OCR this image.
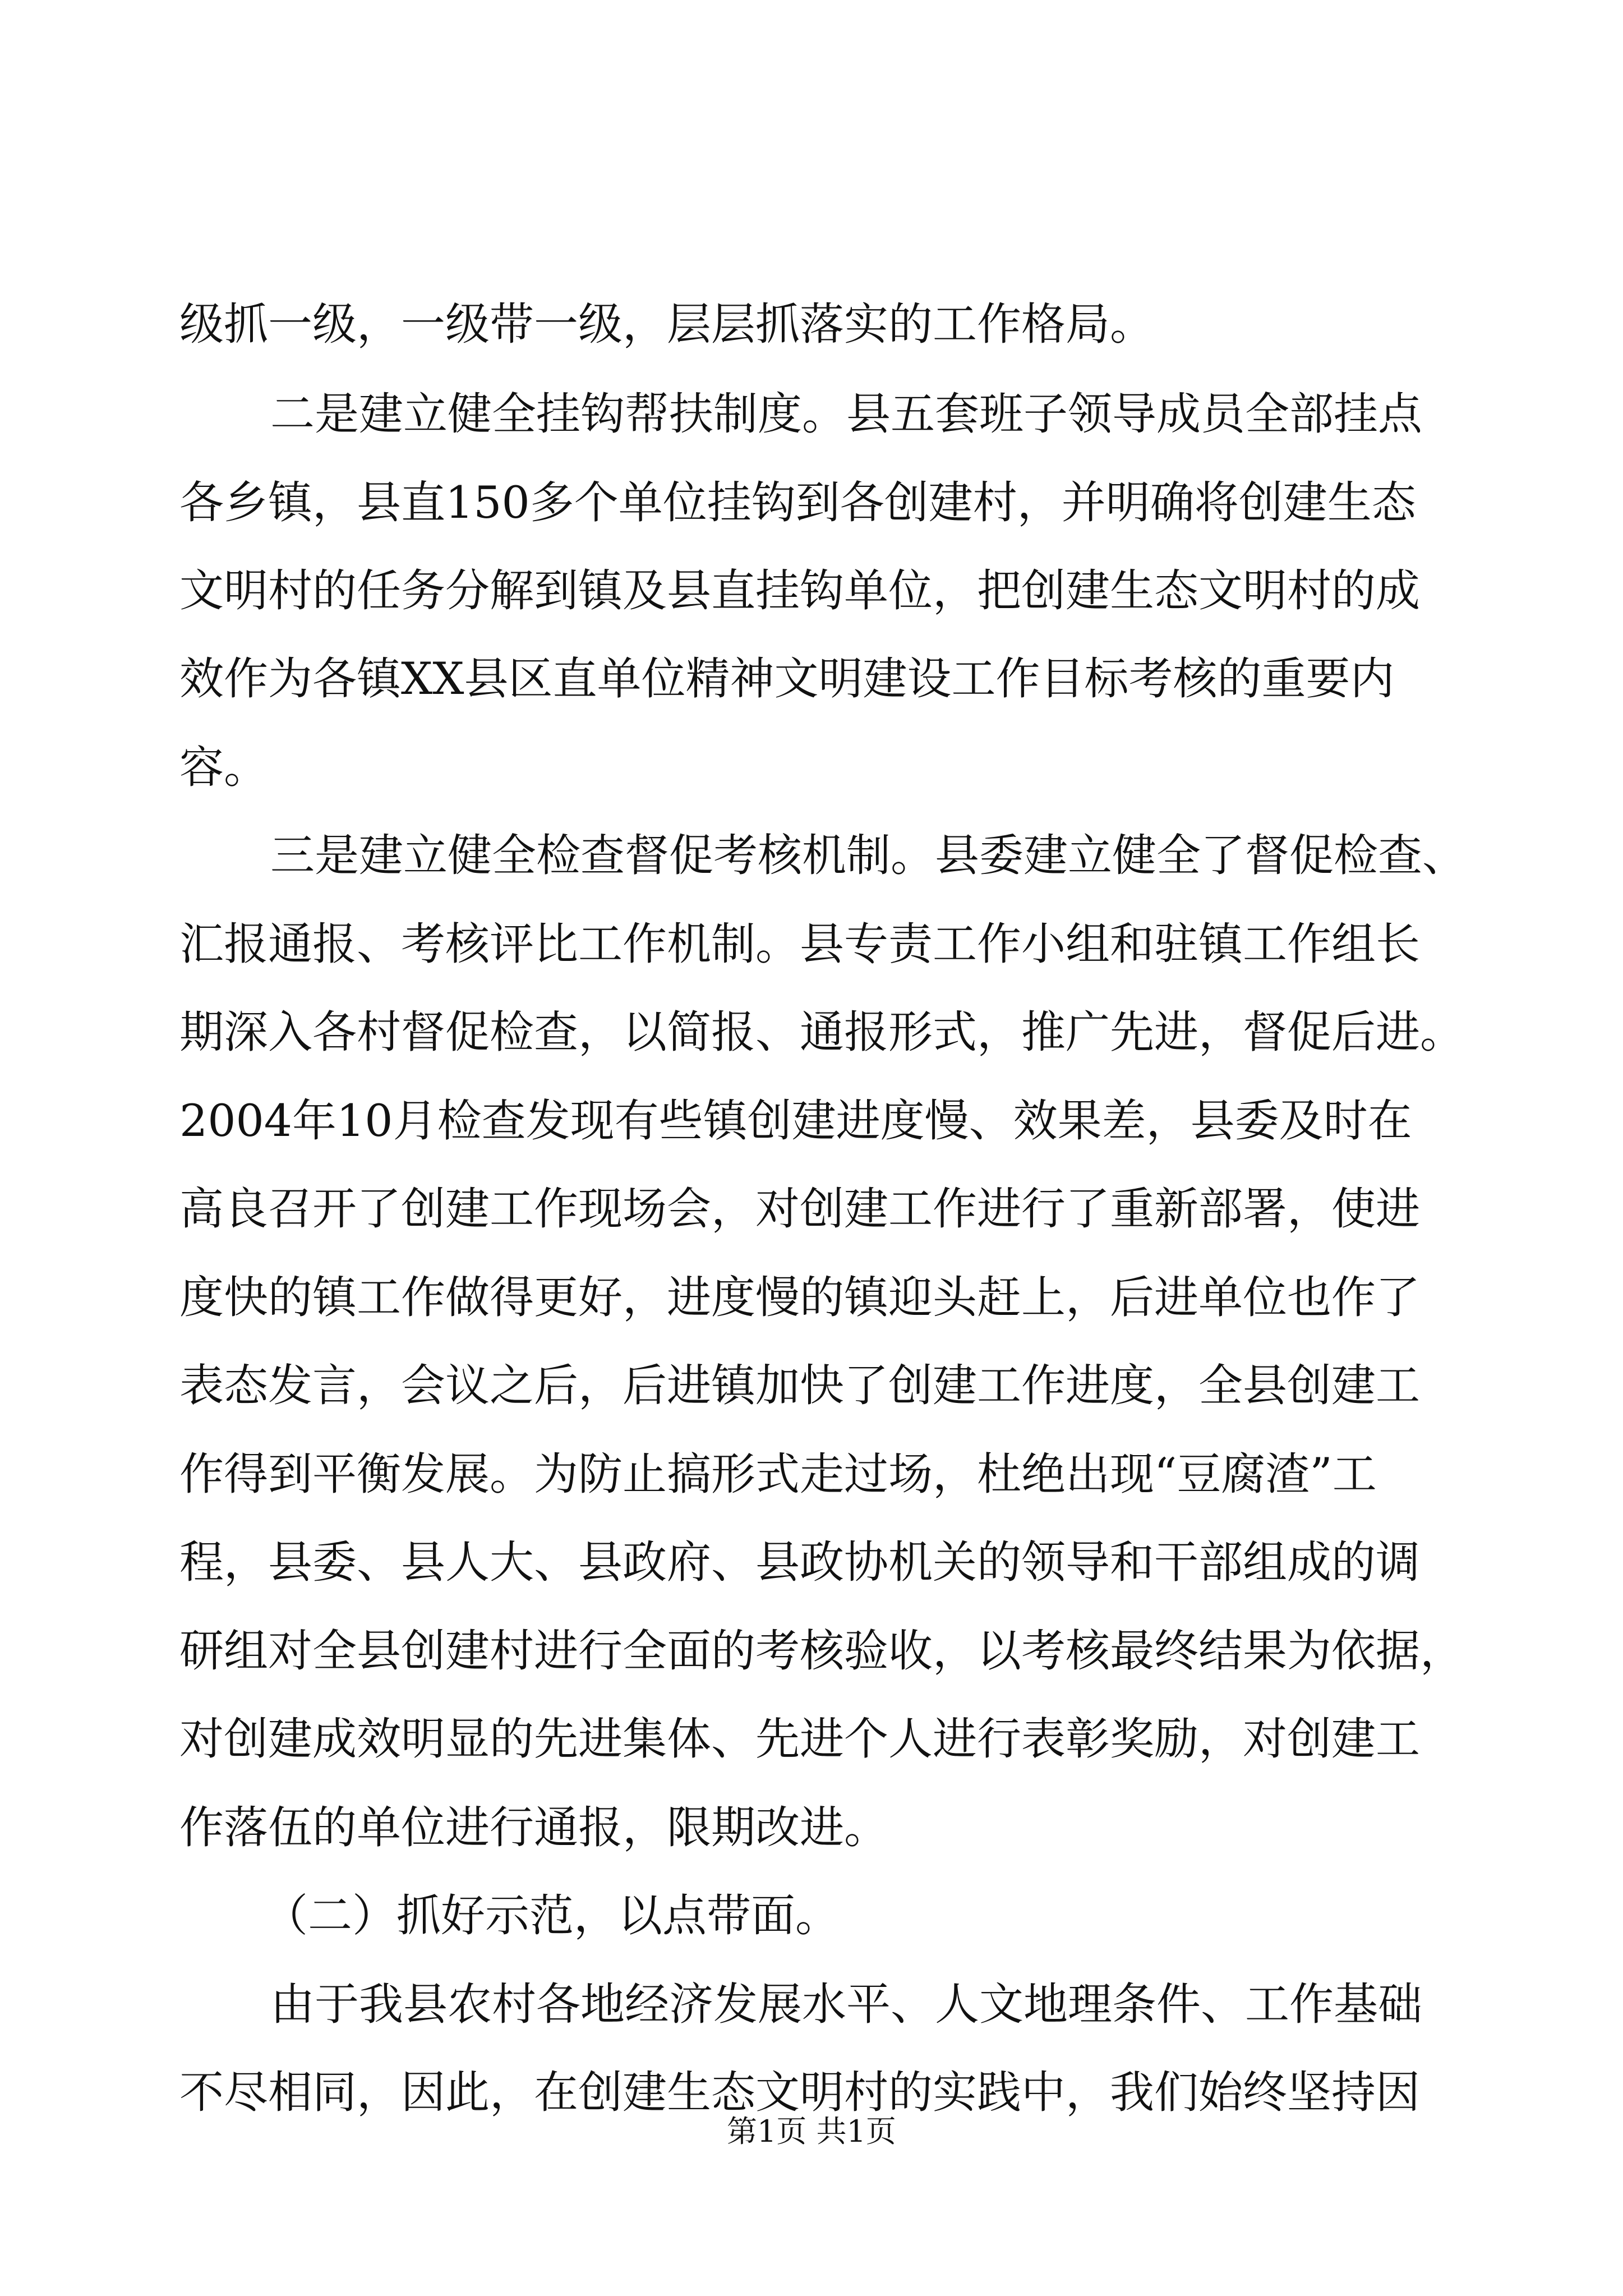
级抓一级，一级带一级，层层抓落实的工作格局。
二是建立健全挂钩帮扶制度。县五套班子领导成员全部挂点
各乡镇，县直150多个单位挂钩到各创建村，并明确将创建生态
文明村的任务分解到镇及县直挂钩单位，把创建生态文明村的成
效作为各镇XX县区直单位精神文明建设工作目标考核的重要内
容。
三是建立健全检查督促考核机制。县委建立健全了督促检查、
汇报通报、考核评比工作机制。县专责工作小组和驻镇工作组长
期深入各村督促检查，以简报、通报形式，推广先进，督促后进。
2004年10月检查发现有些镇创建进度慢、效果差，县委及时在
高良召开了创建工作现场会，对创建工作进行了重新部署，使进
度快的镇工作做得更好，进度慢的镇迎头赶上，后进单位也作了
表态发言，会议之后，后进镇加快了创建工作进度，全县创建工
作得到平衡发展。为防止搞形式走过场，杜绝出现“豆腐渣”工
程，县委、县人大、县政府、县政协机关的领导和干部组成的调
研组对全县创建村进行全面的考核验收，以考核最终结果为依据，
对创建成效明显的先进集体、先进个人进行表彰奖励，对创建工
作落伍的单位进行通报，限期改进。
（二）抓好示范，以点带面。
由于我县农村各地经济发展水平、人文地理条件、工作基础
不尽相同，因此，在创建生态文明村的实践中，我们始终坚持因
第1页 共1页
